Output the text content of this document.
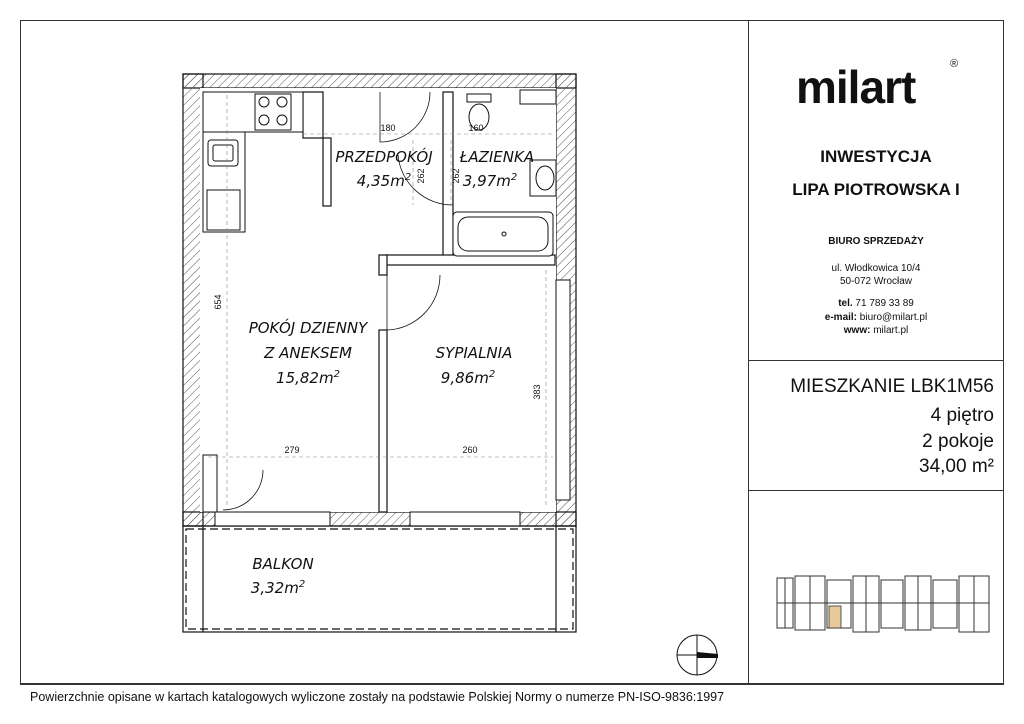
milart	®
INWESTYCJA
LIPA PIOTROWSKA I
BIURO SPRZEDAŻY
ul. Włodkowica 10/4
50-072 Wrocław
tel. 71 789 33 89
e-mail: biuro@milart.pl
www: milart.pl
MIESZKANIE LBK1M56
4 piętro
2 pokoje
34,00 m²
Powierzchnie opisane w kartach katalogowych wyliczone zostały na podstawie Polskiej Normy o numerze PN-ISO-9836:1997
PRZEDPOKÓJ
$4,35m^2$
ŁAZIENKA
$3,97m^2$
POKÓJ DZIENNY
Z ANEKSEM
$15,82m^2$
SYPIALNIA
$9,86m^2$
BALKON
$3,32m^2$
180	160
262	262
654
383
279	260
